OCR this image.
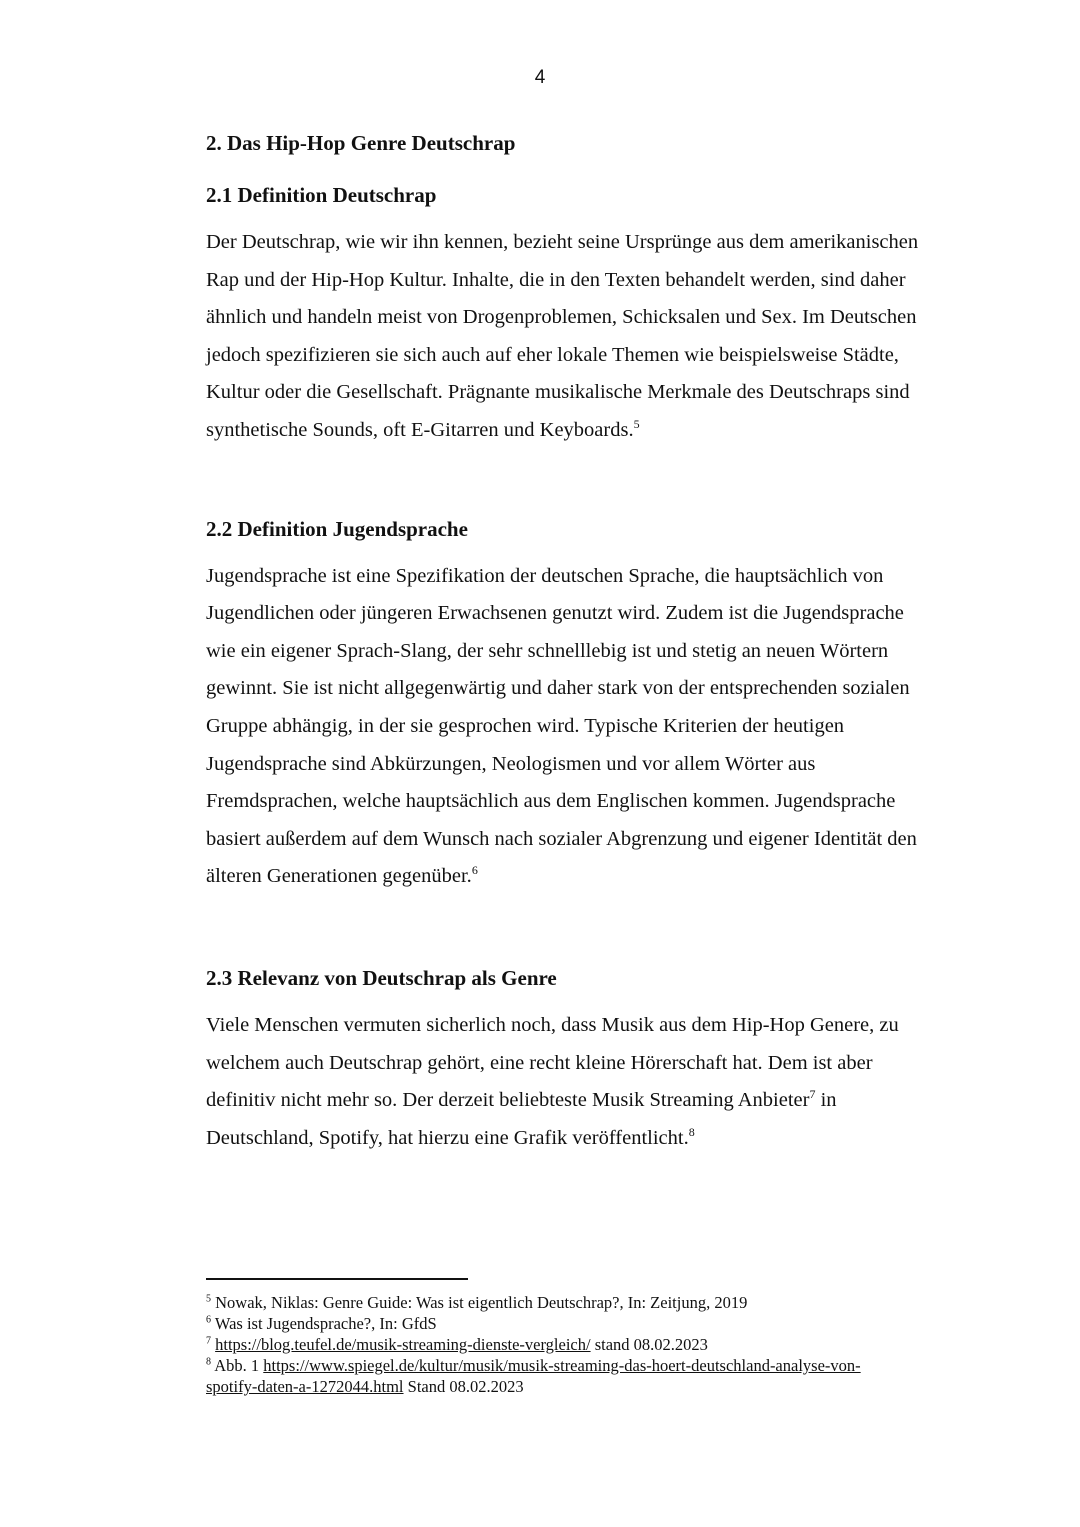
4
2. Das Hip-Hop Genre Deutschrap
2.1 Definition Deutschrap

Der Deutschrap, wie wir ihn kennen, bezieht seine Ursprünge aus dem amerikanischen
Rap und der Hip-Hop Kultur. Inhalte, die in den Texten behandelt werden, sind daher
ähnlich und handeln meist von Drogenproblemen, Schicksalen und Sex. Im Deutschen
jedoch spezifizieren sie sich auch auf eher lokale Themen wie beispielsweise Städte,
Kultur oder die Gesellschaft. Prägnante musikalische Merkmale des Deutschraps sind
synthetische Sounds, oft E-Gitarren und Keyboards.$^5$

2.2 Definition Jugendsprache

Jugendsprache ist eine Spezifikation der deutschen Sprache, die hauptsächlich von
Jugendlichen oder jüngeren Erwachsenen genutzt wird. Zudem ist die Jugendsprache
wie ein eigener Sprach-Slang, der sehr schnelllebig ist und stetig an neuen Wörtern
gewinnt. Sie ist nicht allgegenwärtig und daher stark von der entsprechenden sozialen
Gruppe abhängig, in der sie gesprochen wird. Typische Kriterien der heutigen
Jugendsprache sind Abkürzungen, Neologismen und vor allem Wörter aus
Fremdsprachen, welche hauptsächlich aus dem Englischen kommen. Jugendsprache
basiert außerdem auf dem Wunsch nach sozialer Abgrenzung und eigener Identität den
älteren Generationen gegenüber.$^6$

2.3 Relevanz von Deutschrap als Genre

Viele Menschen vermuten sicherlich noch, dass Musik aus dem Hip-Hop Genere, zu
welchem auch Deutschrap gehört, eine recht kleine Hörerschaft hat. Dem ist aber
definitiv nicht mehr so. Der derzeit beliebteste Musik Streaming Anbieter$^7$ in
Deutschland, Spotify, hat hierzu eine Grafik veröffentlicht.$^8$

$^5$ Nowak, Niklas: Genre Guide: Was ist eigentlich Deutschrap?, In: Zeitjung, 2019
$^6$ Was ist Jugendsprache?, In: GfdS
$^7$ https://blog.teufel.de/musik-streaming-dienste-vergleich/ stand 08.02.2023
$^8$ Abb. 1 https://www.spiegel.de/kultur/musik/musik-streaming-das-hoert-deutschland-analyse-von-
spotify-daten-a-1272044.html Stand 08.02.2023
